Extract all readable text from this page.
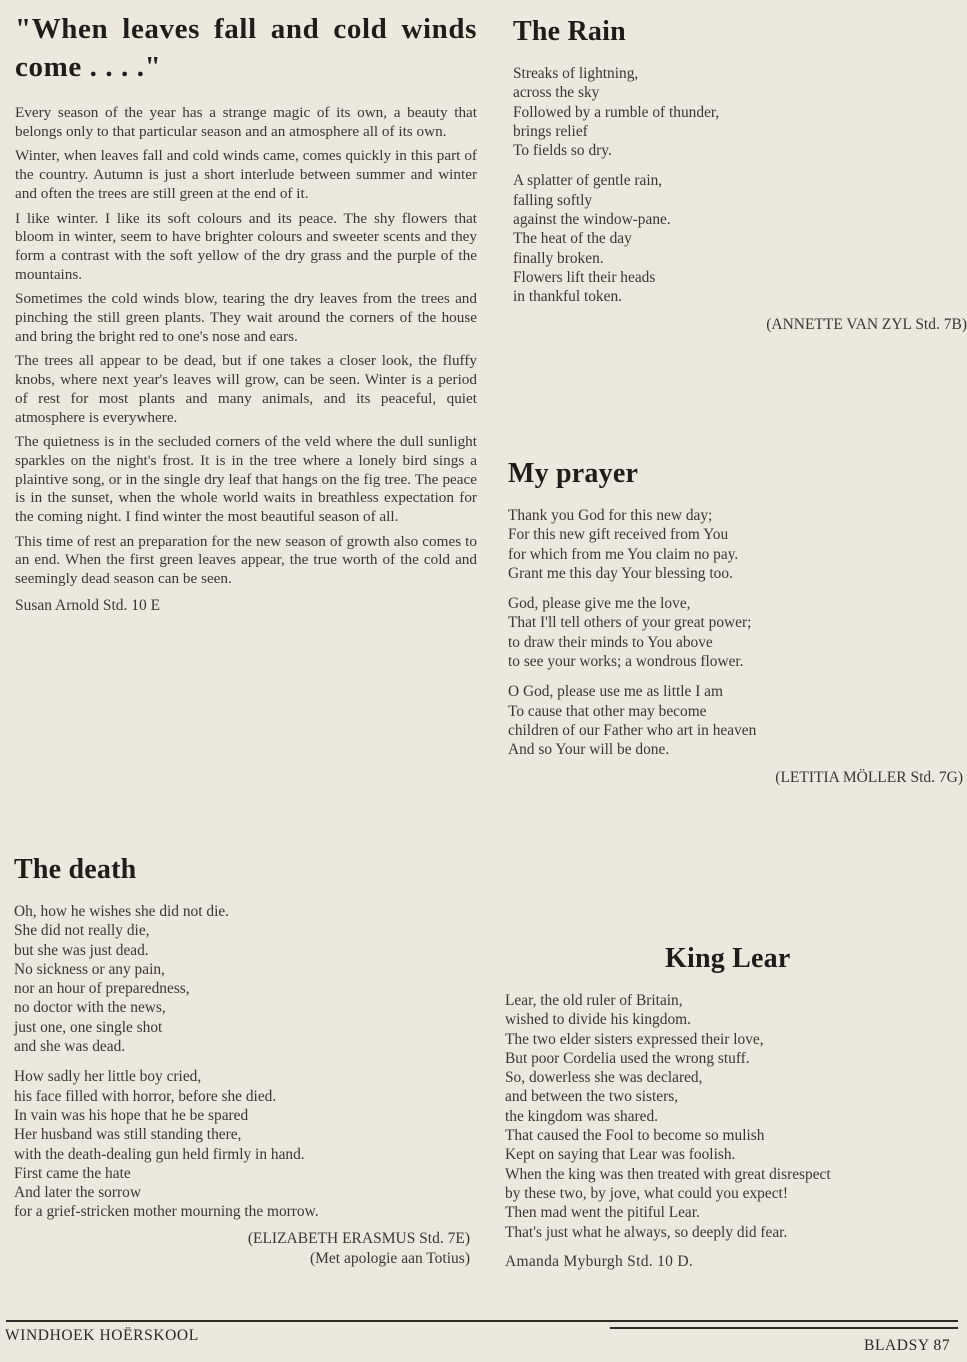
"When leaves fall and cold winds come . . . ."

Every season of the year has a strange magic of its own, a beauty that belongs only to that particular season and an atmosphere all of its own.

Winter, when leaves fall and cold winds came, comes quickly in this part of the country. Autumn is just a short interlude between summer and winter and often the trees are still green at the end of it.

I like winter. I like its soft colours and its peace. The shy flowers that bloom in winter, seem to have brighter colours and sweeter scents and they form a contrast with the soft yellow of the dry grass and the purple of the mountains.

Sometimes the cold winds blow, tearing the dry leaves from the trees and pinching the still green plants. They wait around the corners of the house and bring the bright red to one's nose and ears.

The trees all appear to be dead, but if one takes a closer look, the fluffy knobs, where next year's leaves will grow, can be seen. Winter is a period of rest for most plants and many animals, and its peaceful, quiet atmosphere is everywhere.

The quietness is in the secluded corners of the veld where the dull sunlight sparkles on the night's frost. It is in the tree where a lonely bird sings a plaintive song, or in the single dry leaf that hangs on the fig tree. The peace is in the sunset, when the whole world waits in breathless expectation for the coming night. I find winter the most beautiful season of all.

This time of rest an preparation for the new season of growth also comes to an end. When the first green leaves appear, the true worth of the cold and seemingly dead season can be seen.

Susan Arnold Std. 10 E
The Rain
Streaks of lightning,
across the sky
Followed by a rumble of thunder,
brings relief
To fields so dry.
A splatter of gentle rain,
falling softly
against the window-pane.
The heat of the day
finally broken.
Flowers lift their heads
in thankful token.
(ANNETTE VAN ZYL Std. 7B)
My prayer
Thank you God for this new day;
For this new gift received from You
for which from me You claim no pay.
Grant me this day Your blessing too.
God, please give me the love,
That I'll tell others of your great power;
to draw their minds to You above
to see your works; a wondrous flower.
O God, please use me as little I am
To cause that other may become
children of our Father who art in heaven
And so Your will be done.
(LETITIA MÖLLER Std. 7G)
The death
Oh, how he wishes she did not die.
She did not really die,
but she was just dead.
No sickness or any pain,
nor an hour of preparedness,
no doctor with the news,
just one, one single shot
and she was dead.
How sadly her little boy cried,
his face filled with horror, before she died.
In vain was his hope that he be spared
Her husband was still standing there,
with the death-dealing gun held firmly in hand.
First came the hate
And later the sorrow
for a grief-stricken mother mourning the morrow.
(ELIZABETH ERASMUS Std. 7E)
(Met apologie aan Totius)
King Lear
Lear, the old ruler of Britain,
wished to divide his kingdom.
The two elder sisters expressed their love,
But poor Cordelia used the wrong stuff.
So, dowerless she was declared,
and between the two sisters,
the kingdom was shared.
That caused the Fool to become so mulish
Kept on saying that Lear was foolish.
When the king was then treated with great disrespect
by these two, by jove, what could you expect!
Then mad went the pitiful Lear.
That's just what he always, so deeply did fear.
Amanda Myburgh Std. 10 D.
WINDHOEK HOËRSKOOL
BLADSY 87
